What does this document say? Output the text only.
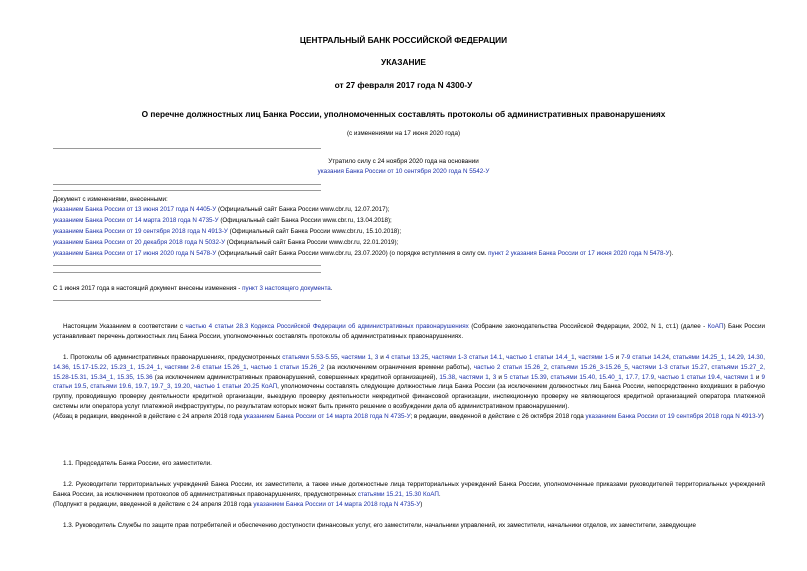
ЦЕНТРАЛЬНЫЙ БАНК РОССИЙСКОЙ ФЕДЕРАЦИИ
УКАЗАНИЕ
от 27 февраля 2017 года N 4300-У
О перечне должностных лиц Банка России, уполномоченных составлять протоколы об административных правонарушениях
(с изменениями на 17 июня 2020 года)
Утратило силу с 24 ноября 2020 года на основании
указания Банка России от 10 сентября 2020 года N 5542-У
Документ с изменениями, внесенными:
указанием Банка России от 13 июня 2017 года N 4405-У (Официальный сайт Банка России www.cbr.ru, 12.07.2017);
указанием Банка России от 14 марта 2018 года N 4735-У (Официальный сайт Банка России www.cbr.ru, 13.04.2018);
указанием Банка России от 19 сентября 2018 года N 4913-У (Официальный сайт Банка России www.cbr.ru, 15.10.2018);
указанием Банка России от 20 декабря 2018 года N 5032-У (Официальный сайт Банка России www.cbr.ru, 22.01.2019);
указанием Банка России от 17 июня 2020 года N 5478-У (Официальный сайт Банка России www.cbr.ru, 23.07.2020) (о порядке вступления в силу см. пункт 2 указания Банка России от 17 июня 2020 года N 5478-У).
С 1 июня 2017 года в настоящий документ внесены изменения - пункт 3 настоящего документа.
Настоящим Указанием в соответствии с частью 4 статьи 28.3 Кодекса Российской Федерации об административных правонарушениях (Собрание законодательства Российской Федерации, 2002, N 1, ст.1) (далее - КоАП) Банк России устанавливает перечень должностных лиц Банка России, уполномоченных составлять протоколы об административных правонарушениях.
1. Протоколы об административных правонарушениях, предусмотренных статьями 5.53-5.55, частями 1, 3 и 4 статьи 13.25, частями 1-3 статьи 14.1, частью 1 статьи 14.4_1, частями 1-5 и 7-9 статьи 14.24, статьями 14.25_1, 14.29, 14.30, 14.36, 15.17-15.22, 15.23_1, 15.24_1, частями 2-6 статьи 15.26_1, частью 1 статьи 15.26_2 (за исключением ограничения времени работы), частью 2 статьи 15.26_2, статьями 15.26_3-15.26_5, частями 1-3 статьи 15.27, статьями 15.27_2, 15.28-15.31, 15.34_1, 15.35, 15.36 (за исключением административных правонарушений, совершенных кредитной организацией), 15.38, частями 1, 3 и 5 статьи 15.39, статьями 15.40, 15.40_1, 17.7, 17.9, частью 1 статьи 19.4, частями 1 и 9 статьи 19.5, статьями 19.6, 19.7, 19.7_3, 19.20, частью 1 статьи 20.25 КоАП, уполномочены составлять следующие должностные лица Банка России (за исключением должностных лиц Банка России, непосредственно входивших в рабочую группу, проводившую проверку деятельности кредитной организации, выездную проверку деятельности некредитной финансовой организации, инспекционную проверку не являющегося кредитной организацией оператора платежной системы или оператора услуг платежной инфраструктуры, по результатам которых может быть принято решение о возбуждении дела об административном правонарушении).
(Абзац в редакции, введенной в действие с 24 апреля 2018 года указанием Банка России от 14 марта 2018 года N 4735-У; в редакции, введенной в действие с 26 октября 2018 года указанием Банка России от 19 сентября 2018 года N 4913-У)
1.1. Председатель Банка России, его заместители.
1.2. Руководители территориальных учреждений Банка России, их заместители, а также иные должностные лица территориальных учреждений Банка России, уполномоченные приказами руководителей территориальных учреждений Банка России, за исключением протоколов об административных правонарушениях, предусмотренных статьями 15.21, 15.30 КоАП.
(Подпункт в редакции, введенной в действие с 24 апреля 2018 года указанием Банка России от 14 марта 2018 года N 4735-У)
1.3. Руководитель Службы по защите прав потребителей и обеспечению доступности финансовых услуг, его заместители, начальники управлений, их заместители, начальники отделов, их заместители, заведующие
